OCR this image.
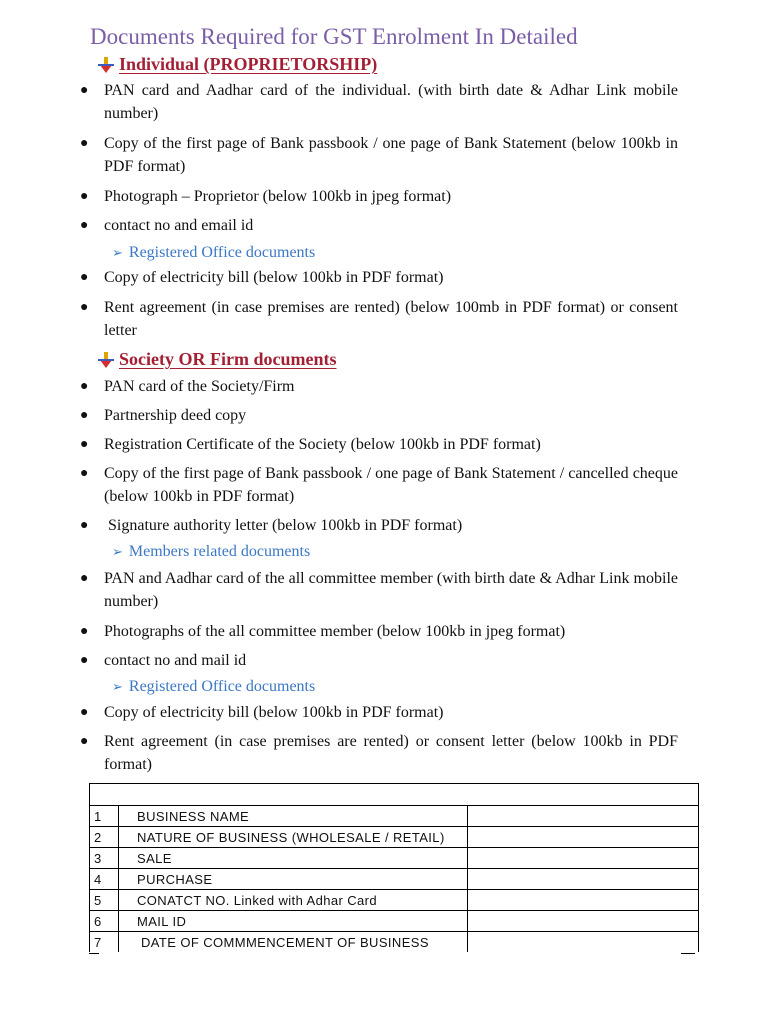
Documents Required for GST Enrolment In Detailed
Individual (PROPRIETORSHIP)
● PAN card and Aadhar card of the individual. (with birth date & Adhar Link mobile number)
● Copy of the first page of Bank passbook / one page of Bank Statement (below 100kb in PDF format)
● Photograph – Proprietor (below 100kb in jpeg format)
● contact no and email id
➢ Registered Office documents
● Copy of electricity bill (below 100kb in PDF format)
● Rent agreement (in case premises are rented) (below 100mb in PDF format) or consent letter
Society OR Firm documents
● PAN card of the Society/Firm
● Partnership deed copy
● Registration Certificate of the Society (below 100kb in PDF format)
● Copy of the first page of Bank passbook / one page of Bank Statement / cancelled cheque (below 100kb in PDF format)
● Signature authority letter (below 100kb in PDF format)
➢ Members related documents
● PAN and Aadhar card of the all committee member (with birth date & Adhar Link mobile number)
● Photographs of the all committee member (below 100kb in jpeg format)
● contact no and mail id
➢ Registered Office documents
● Copy of electricity bill (below 100kb in PDF format)
● Rent agreement (in case premises are rented) or consent letter (below 100kb in PDF format)

1	BUSINESS NAME	
2	NATURE OF BUSINESS (WHOLESALE / RETAIL)	
3	SALE	
4	PURCHASE	
5	CONATCT NO. Linked with Adhar Card	
6	MAIL ID	
7	DATE OF COMMMENCEMENT OF BUSINESS	
